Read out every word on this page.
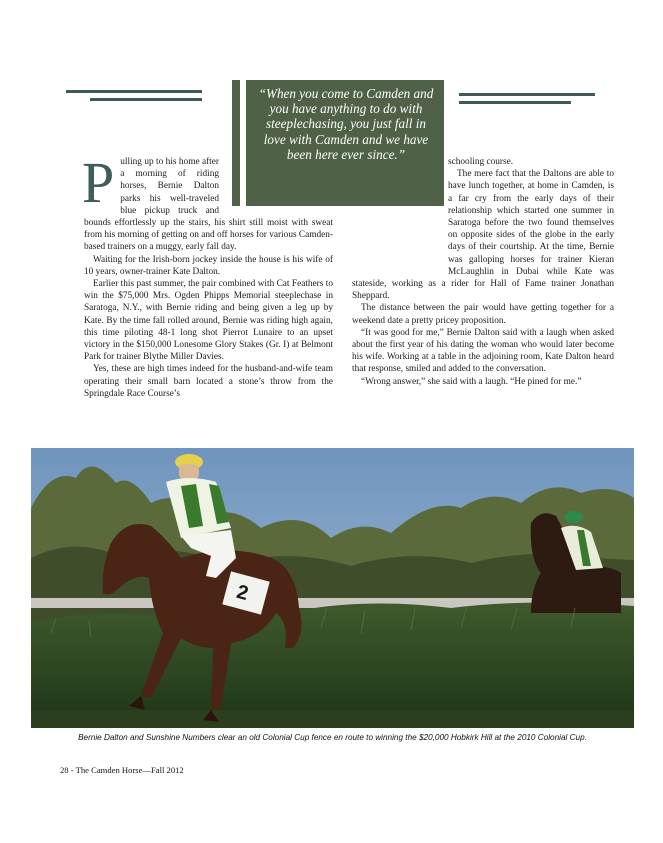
“When you come to Camden and you have anything to do with steeplechasing, you just fall in love with Camden and we have been here ever since.”

P ulling up to his home after a morning of riding horses, Bernie Dalton parks his well-traveled blue pickup truck and bounds effortlessly up the stairs, his shirt still moist with sweat from his morning of getting on and off horses for various Camden-based trainers on a muggy, early fall day.

Waiting for the Irish-born jockey inside the house is his wife of 10 years, owner-trainer Kate Dalton.

Earlier this past summer, the pair combined with Cat Feathers to win the $75,000 Mrs. Ogden Phipps Memorial steeplechase in Saratoga, N.Y., with Bernie riding and being given a leg up by Kate. By the time fall rolled around, Bernie was riding high again, this time piloting 48-1 long shot Pierrot Lunaire to an upset victory in the $150,000 Lonesome Glory Stakes (Gr. I) at Belmont Park for trainer Blythe Miller Davies.

Yes, these are high times indeed for the husband-and-wife team operating their small barn located a stone’s throw from the Springdale Race Course’s

schooling course.

The mere fact that the Daltons are able to have lunch together, at home in Camden, is a far cry from the early days of their relationship which started one summer in Saratoga before the two found themselves on opposite sides of the globe in the early days of their courtship. At the time, Bernie was galloping horses for trainer Kieran McLaughlin in Dubai while Kate was stateside, working as a rider for Hall of Fame trainer Jonathan Sheppard.

The distance between the pair would have getting together for a weekend date a pretty pricey proposition.

“It was good for me,” Bernie Dalton said with a laugh when asked about the first year of his dating the woman who would later become his wife. Working at a table in the adjoining room, Kate Dalton heard that response, smiled and added to the conversation.

“Wrong answer,” she said with a laugh. “He pined for me.”

2
Bernie Dalton and Sunshine Numbers clear an old Colonial Cup fence en route to winning the $20,000 Hobkirk Hill at the 2010 Colonial Cup.
28 - The Camden Horse—Fall 2012
